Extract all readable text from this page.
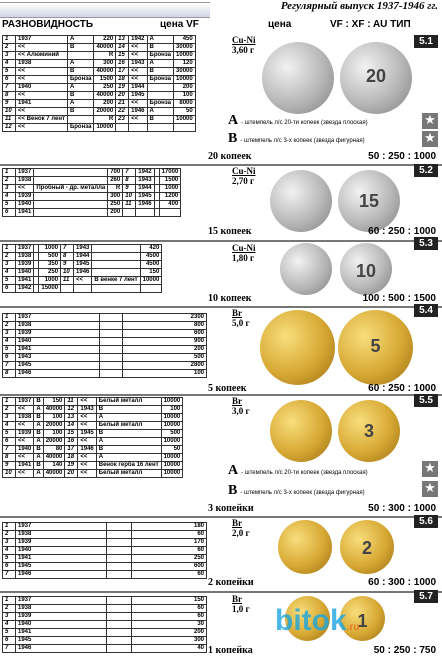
Регулярный выпуск 1937-1946 гг.
РАЗНОВИДНОСТЬ	цена VF	цена	VF : XF : AU ТИП
1	1937	A	220	13	1942	A	450
2	<<	B	40000	14	<<	B	30000
3	<< Алюминий		R	15	<<	Бронза	10000
4	1938	A	300	16	1943	A	120
5	<<	B	40000	17	<<	B	30000
6	<<	Бронза	1500	18	<<	Бронза	10000
7	1940	A	250	19	1944		200
8	<<	B	40000	20	1945		100
9	1941	A	200	21	<<	Бронза	8000
10	<<	B	20000	22	1946	A	50
11	<< Венок 7 лент		R	23	<<	B	10000
12	<<	Бронза	10000				
Cu-Ni
3,60 г
5.1
20
A - штемпель л/с 20-ти копеек (звезда плоская)
B - штемпель л/с 3-х копеек (звезда фигурная)
★
★
20 копеек	50 : 250 : 1000
1	1937		700	7	1942		17000
2	1938		260	8	1943		1500
3	<<	Пробный - др. металла	R	9	1944		1000
4	1939		300	10	1945		1200
5	1940		250	11	1946		400
6	1941		200				
Cu-Ni
2,70 г
5.2
15
15 копеек	60 : 250 : 1000
1	1937		1000	7	1943		420
2	1938		500	8	1944		4500
3	1939		350	9	1945		4500
4	1940		250	10	1946		150
5	1941		1000	11	<<	В венке 7 лент	10000
6	1942		15000				
Cu-Ni
1,80 г
5.3
10
10 копеек	100 : 500 : 1500
1	1937		2300
2	1938		800
3	1939		600
4	1940		900
5	1941		200
6	1943		500
7	1945		2800
8	1946		100
Br
5,0 г
5.4
5
5 копеек	60 : 250 : 1000
1	1937	B	150	11	<<	Белый металл	10000
2	<<	A	40000	12	1943	B	100
3	1938	B	100	13	<<	A	10000
4	<<	A	20000	14	<<	Белый металл	10000
5	1939	B	100	15	1945	B	500
6	<<	A	20000	16	<<	A	10000
7	1940	B	80	17	1946	B	50
8	<<	A	40000	18	<<	A	10000
9	1941	B	140	19	<<	Венок герба 16 лент	10000
10	<<	A	40000	20	<<	Белый металл	10000
Br
3,0 г
5.5
3
A - штемпель л/с 20-ти копеек (звезда плоская)
B - штемпель л/с 3-х копеек (звезда фигурная)
★
★
3 копейки	50 : 300 : 1000
1	1937		180
2	1938		60
3	1939		170
4	1940		60
5	1941		250
6	1945		600
7	1946		60
Br
2,0 г
5.6
2
2 копейки	60 : 300 : 1000
1	1937		150
2	1938		60
3	1939		60
4	1940		30
5	1941		200
6	1945		300
7	1946		40
Br
1,0 г
5.7
1
bitok.ru
1 копейка	50 : 250 : 750
